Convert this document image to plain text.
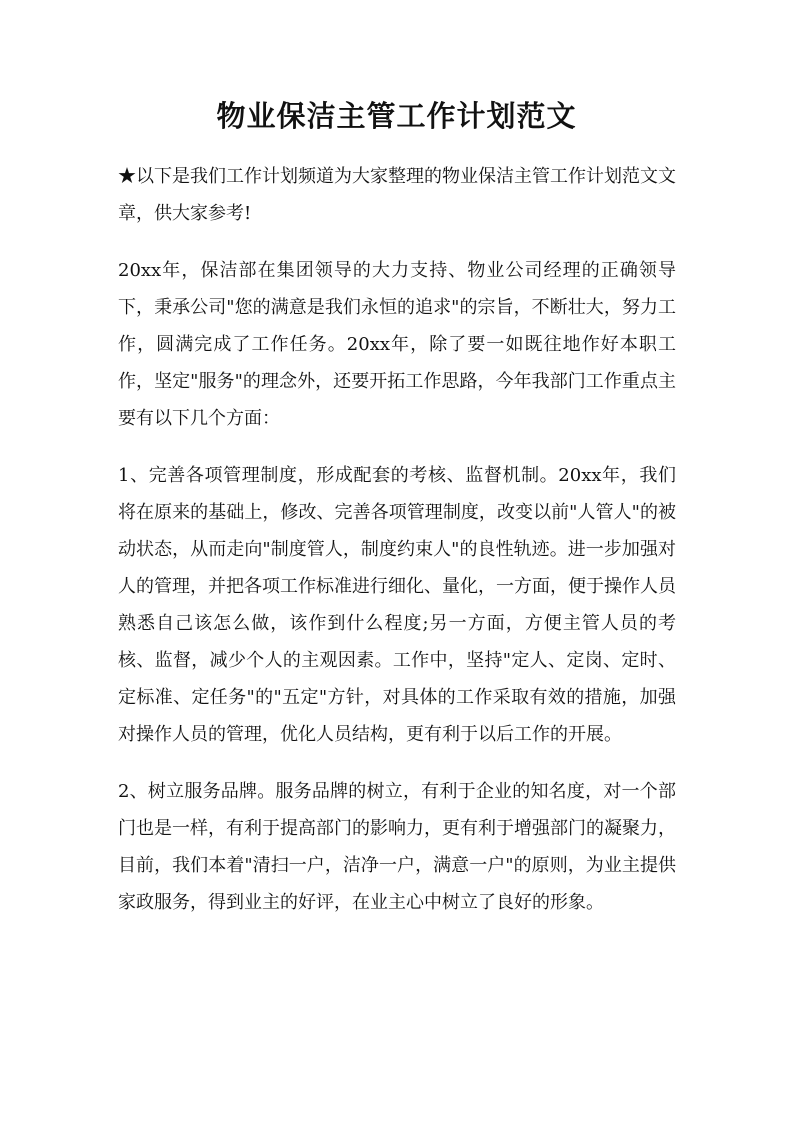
物业保洁主管工作计划范文

★以下是我们工作计划频道为大家整理的物业保洁主管工作计划范文文章，供大家参考!

20xx年，保洁部在集团领导的大力支持、物业公司经理的正确领导下，秉承公司"您的满意是我们永恒的追求"的宗旨，不断壮大，努力工作，圆满完成了工作任务。20xx年，除了要一如既往地作好本职工作，坚定"服务"的理念外，还要开拓工作思路，今年我部门工作重点主要有以下几个方面：

1、完善各项管理制度，形成配套的考核、监督机制。20xx年，我们将在原来的基础上，修改、完善各项管理制度，改变以前"人管人"的被动状态，从而走向"制度管人，制度约束人"的良性轨迹。进一步加强对人的管理，并把各项工作标准进行细化、量化，一方面，便于操作人员熟悉自己该怎么做，该作到什么程度;另一方面，方便主管人员的考核、监督，减少个人的主观因素。工作中，坚持"定人、定岗、定时、定标准、定任务"的"五定"方针，对具体的工作采取有效的措施，加强对操作人员的管理，优化人员结构，更有利于以后工作的开展。

2、树立服务品牌。服务品牌的树立，有利于企业的知名度，对一个部门也是一样，有利于提高部门的影响力，更有利于增强部门的凝聚力，目前，我们本着"清扫一户，洁净一户，满意一户"的原则，为业主提供家政服务，得到业主的好评，在业主心中树立了良好的形象。
